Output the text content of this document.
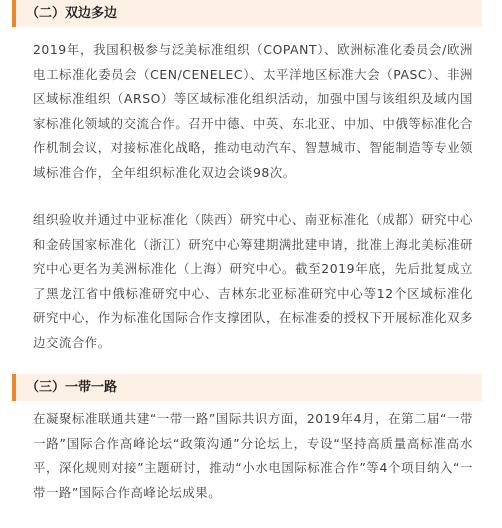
（二）双边多边

2019年，我国积极参与泛美标准组织（COPANT）、欧洲标准化委员会/欧洲电工标准化委员会（CEN/CENELEC）、太平洋地区标准大会（PASC）、非洲区域标准组织（ARSO）等区域标准化组织活动，加强中国与该组织及域内国家标准化领域的交流合作。召开中德、中英、东北亚、中加、中俄等标准化合作机制会议，对接标准化战略，推动电动汽车、智慧城市、智能制造等专业领域标准合作，全年组织标准化双边会谈98次。

组织验收并通过中亚标准化（陕西）研究中心、南亚标准化（成都）研究中心和金砖国家标准化（浙江）研究中心筹建期满批建申请，批准上海北美标准研究中心更名为美洲标准化（上海）研究中心。截至2019年底，先后批复成立了黑龙江省中俄标准研究中心、吉林东北亚标准研究中心等12个区域标准化研究中心，作为标准化国际合作支撑团队，在标准委的授权下开展标准化双多边交流合作。

（三）一带一路

在凝聚标准联通共建“一带一路”国际共识方面，2019年4月，在第二届“一带一路”国际合作高峰论坛“政策沟通”分论坛上，专设“坚持高质量高标准高水平，深化规则对接”主题研讨，推动“小水电国际标准合作”等4个项目纳入“一带一路”国际合作高峰论坛成果。
